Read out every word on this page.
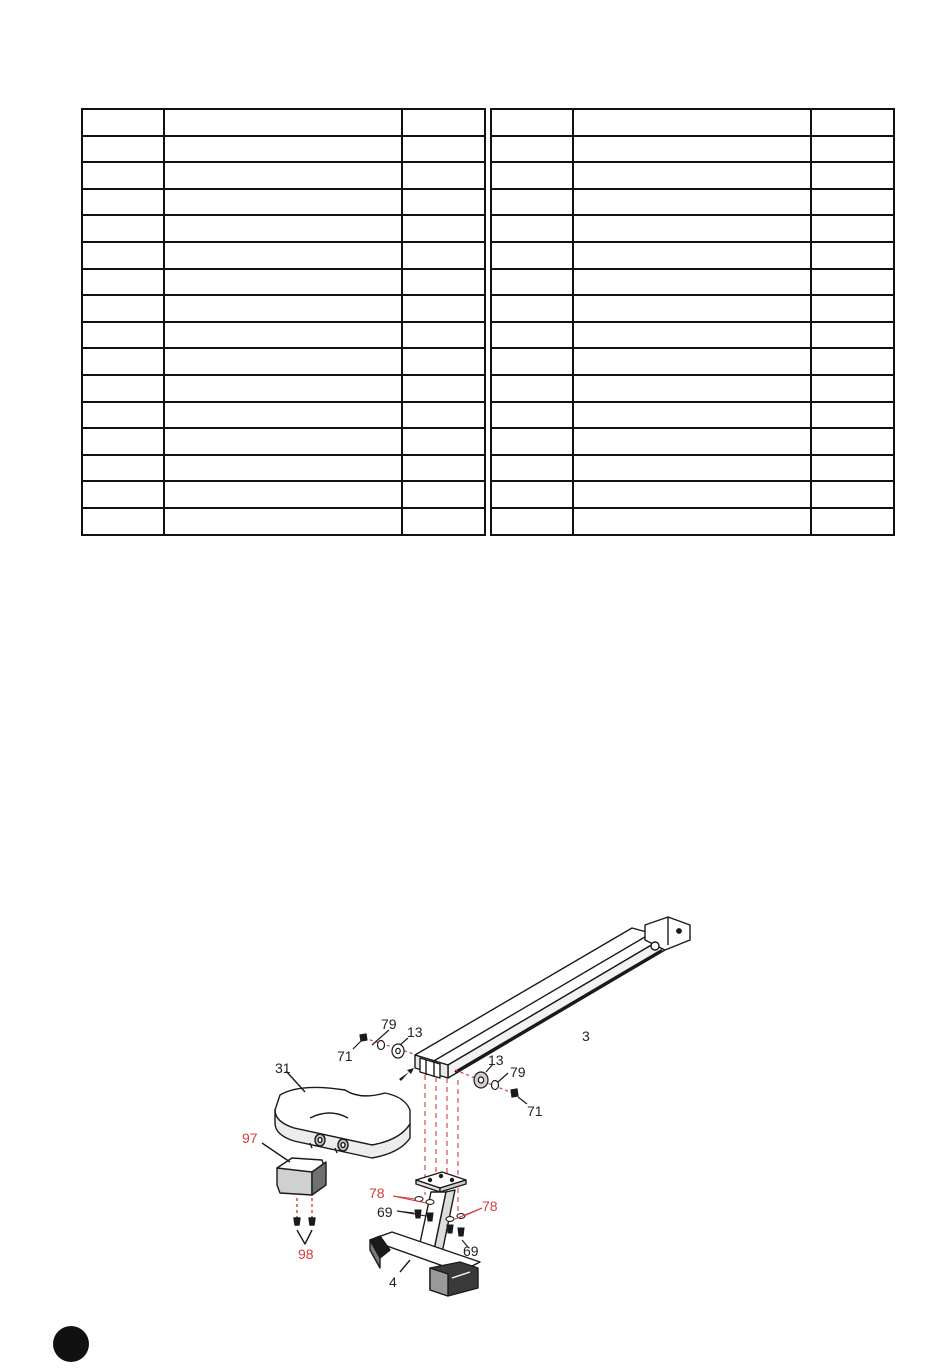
3
4
31
97
98
71
79 13
13
79
71
78
78
69
69
